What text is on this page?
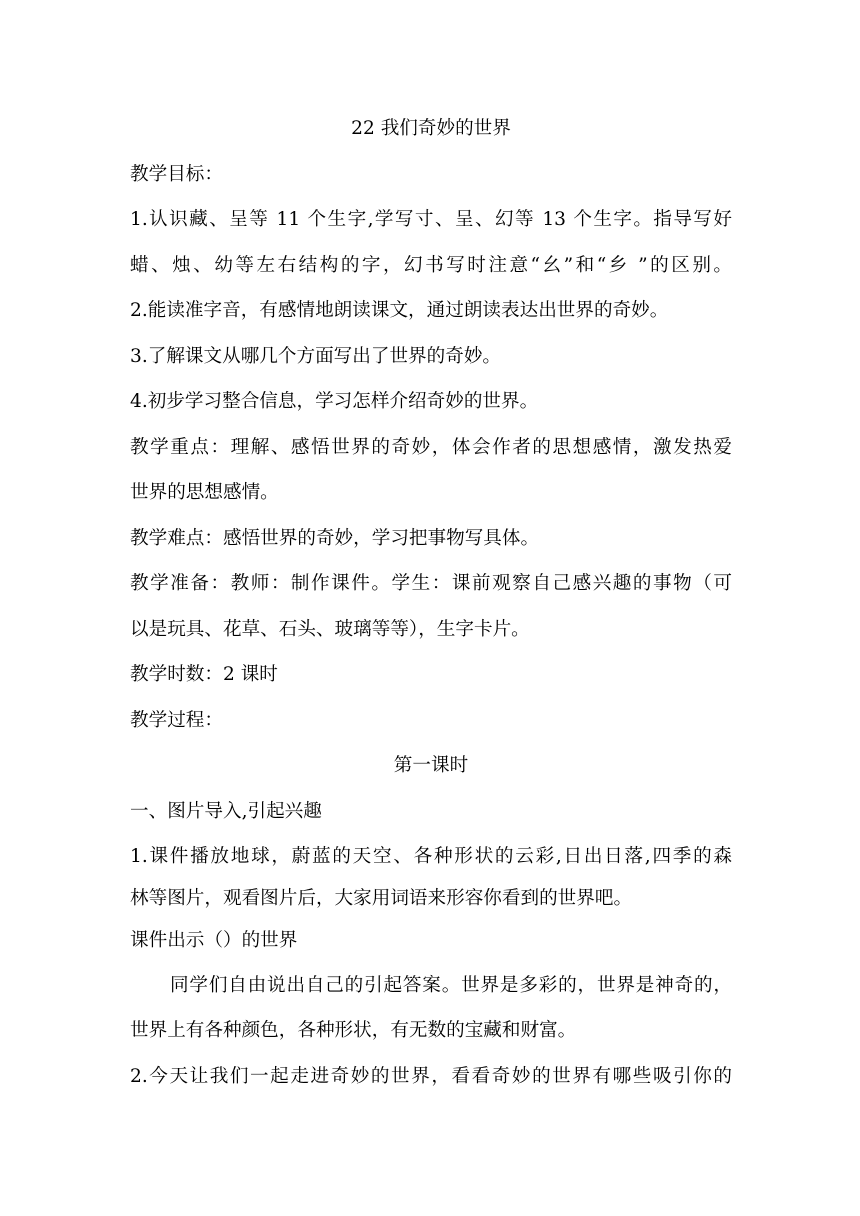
22 我们奇妙的世界
教学目标：
1.认识藏、呈等 11 个生字,学写寸、呈、幻等 13 个生字。指导写好
蜡、烛、幼等左右结构的字，幻书写时注意“幺”和“乡 ”的区别。
2.能读准字音，有感情地朗读课文，通过朗读表达出世界的奇妙。
3.了解课文从哪几个方面写出了世界的奇妙。
4.初步学习整合信息，学习怎样介绍奇妙的世界。
教学重点：理解、感悟世界的奇妙，体会作者的思想感情，激发热爱
世界的思想感情。
教学难点：感悟世界的奇妙，学习把事物写具体。
教学准备：教师：制作课件。学生：课前观察自己感兴趣的事物（可
以是玩具、花草、石头、玻璃等等），生字卡片。
教学时数：2 课时
教学过程：
第一课时
一、图片导入,引起兴趣
1.课件播放地球，蔚蓝的天空、各种形状的云彩,日出日落,四季的森
林等图片，观看图片后，大家用词语来形容你看到的世界吧。
课件出示（）的世界
同学们自由说出自己的引起答案。世界是多彩的，世界是神奇的，
世界上有各种颜色，各种形状，有无数的宝藏和财富。
2.今天让我们一起走进奇妙的世界，看看奇妙的世界有哪些吸引你的
